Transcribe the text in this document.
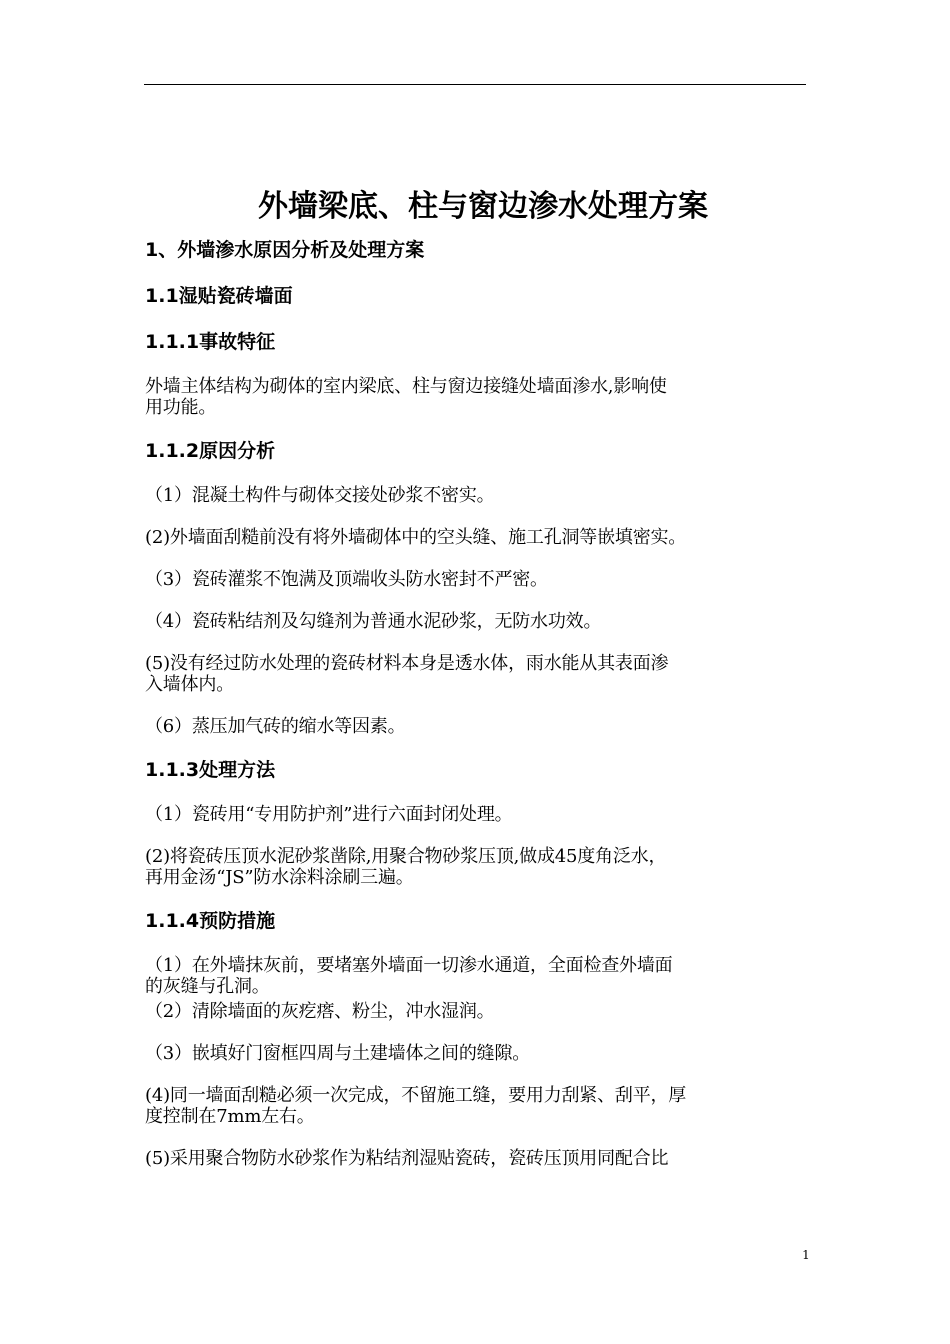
外墙梁底、柱与窗边渗水处理方案
1、外墙渗水原因分析及处理方案
1.1湿贴瓷砖墙面
1.1.1事故特征
外墙主体结构为砌体的室内梁底、柱与窗边接缝处墙面渗水,影响使
用功能。
1.1.2原因分析
（1）混凝土构件与砌体交接处砂浆不密实。
(2)外墙面刮糙前没有将外墙砌体中的空头缝、施工孔洞等嵌填密实。
（3）瓷砖灌浆不饱满及顶端收头防水密封不严密。
（4）瓷砖粘结剂及勾缝剂为普通水泥砂浆，无防水功效。
(5)没有经过防水处理的瓷砖材料本身是透水体，雨水能从其表面渗
入墙体内。
（6）蒸压加气砖的缩水等因素。
1.1.3处理方法
（1）瓷砖用“专用防护剂”进行六面封闭处理。
(2)将瓷砖压顶水泥砂浆凿除,用聚合物砂浆压顶,做成45度角泛水，
再用金汤“JS”防水涂料涂刷三遍。
1.1.4预防措施
（1）在外墙抹灰前，要堵塞外墙面一切渗水通道，全面检查外墙面
的灰缝与孔洞。
（2）清除墙面的灰疙瘩、粉尘，冲水湿润。
（3）嵌填好门窗框四周与土建墙体之间的缝隙。
(4)同一墙面刮糙必须一次完成，不留施工缝，要用力刮紧、刮平，厚
度控制在7mm左右。
(5)采用聚合物防水砂浆作为粘结剂湿贴瓷砖，瓷砖压顶用同配合比
1
